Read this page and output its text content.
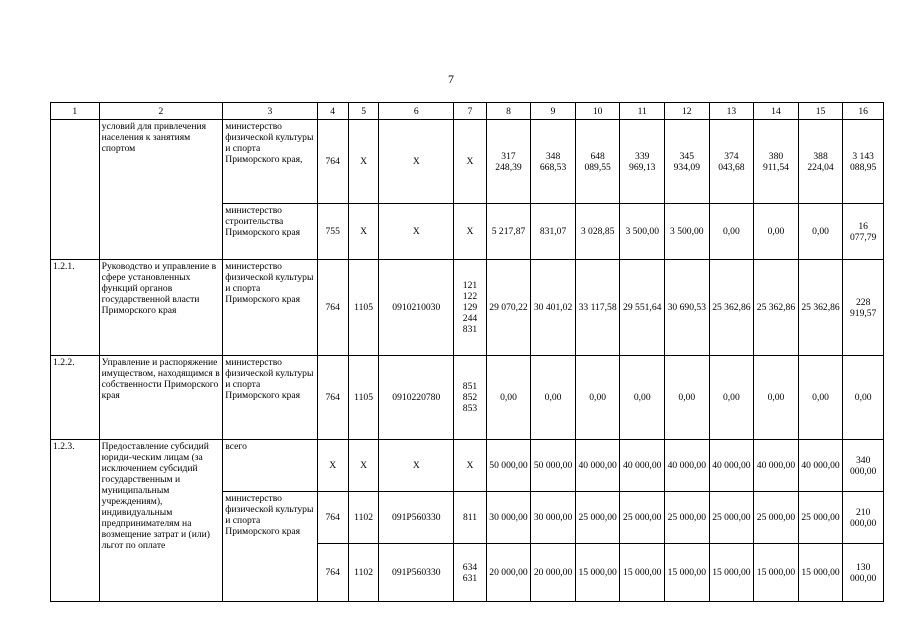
7
1	2	3	4	5	6	7	8	9	10	11	12	13	14	15	16
	условий для привлечения населения к занятиям спортом	министерство физической культуры и спорта Приморского края,	764	X	X	X	317 248,39	348 668,53	648 089,55	339 969,13	345 934,09	374 043,68	380 911,54	388 224,04	3 143 088,95
		министерство строительства Приморского края	755	X	X	X	5 217,87	831,07	3 028,85	3 500,00	3 500,00	0,00	0,00	0,00	16 077,79
1.2.1.	Руководство и управление в сфере установленных функций органов государственной власти Приморского края	министерство физической культуры и спорта Приморского края	764	1105	0910210030	121 122 129 244 831	29 070,22	30 401,02	33 117,58	29 551,64	30 690,53	25 362,86	25 362,86	25 362,86	228 919,57
1.2.2.	Управление и распоряжение имуществом, находящимся в собственности Приморского края	министерство физической культуры и спорта Приморского края	764	1105	0910220780	851 852 853	0,00	0,00	0,00	0,00	0,00	0,00	0,00	0,00	0,00
1.2.3.	Предоставление субсидий юриди-ческим лицам (за исключением субсидий государственным и муниципальным учреждениям), индивидуальным предпринимателям на возмещение затрат и (или) льгот по оплате	всего	X	X	X	X	50 000,00	50 000,00	40 000,00	40 000,00	40 000,00	40 000,00	40 000,00	40 000,00	340 000,00
		министерство физической культуры и спорта Приморского края	764	1102	091P560330	811	30 000,00	30 000,00	25 000,00	25 000,00	25 000,00	25 000,00	25 000,00	25 000,00	210 000,00
			764	1102	091P560330	634 631	20 000,00	20 000,00	15 000,00	15 000,00	15 000,00	15 000,00	15 000,00	15 000,00	130 000,00
